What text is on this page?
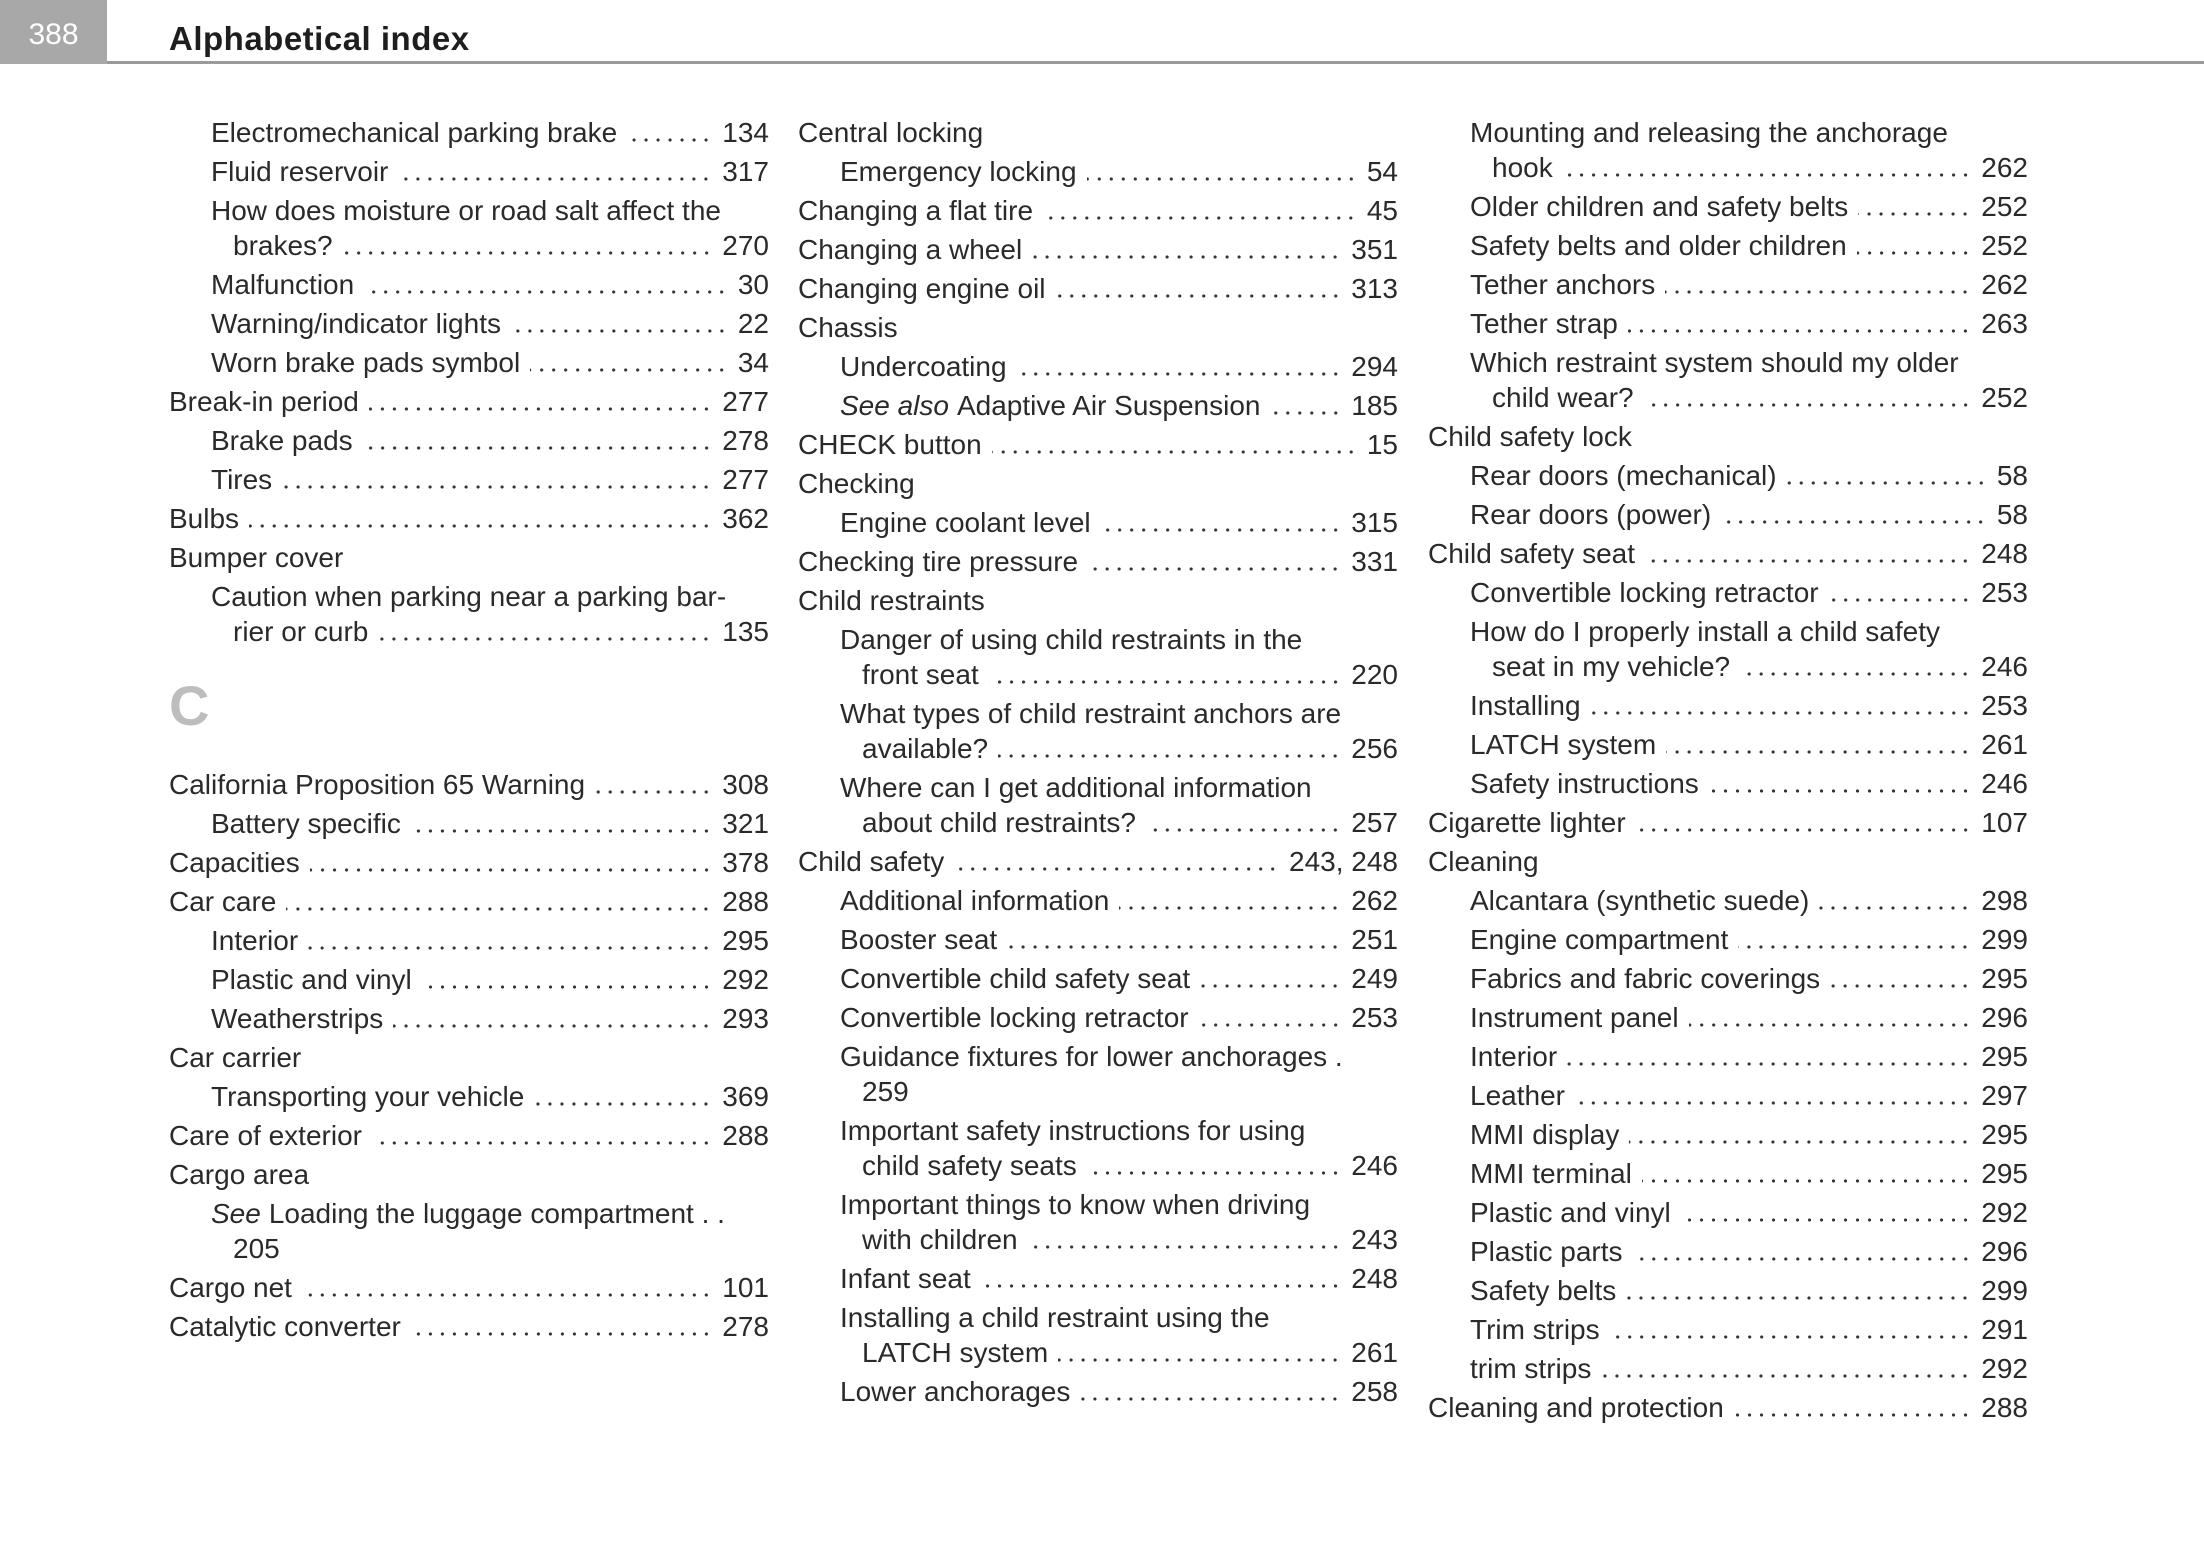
388	Alphabetical index
Electromechanical parking brake	134
Fluid reservoir	317
How does moisture or road salt affect the
brakes?	270
Malfunction	30
Warning/indicator lights	22
Worn brake pads symbol	34
Break-in period	277
Brake pads	278
Tires	277
Bulbs	362
Bumper cover
Caution when parking near a parking bar-
rier or curb	135
C
California Proposition 65 Warning	308
Battery specific	321
Capacities	378
Car care	288
Interior	295
Plastic and vinyl	292
Weatherstrips	293
Car carrier
Transporting your vehicle	369
Care of exterior	288
Cargo area
See Loading the luggage compartment . .
205
Cargo net	101
Catalytic converter	278
Central locking
Emergency locking	54
Changing a flat tire	45
Changing a wheel	351
Changing engine oil	313
Chassis
Undercoating	294
See also Adaptive Air Suspension	185
CHECK button	15
Checking
Engine coolant level	315
Checking tire pressure	331
Child restraints
Danger of using child restraints in the
front seat	220
What types of child restraint anchors are
available?	256
Where can I get additional information
about child restraints?	257
Child safety	243, 248
Additional information	262
Booster seat	251
Convertible child safety seat	249
Convertible locking retractor	253
Guidance fixtures for lower anchorages .
259
Important safety instructions for using
child safety seats	246
Important things to know when driving
with children	243
Infant seat	248
Installing a child restraint using the
LATCH system	261
Lower anchorages	258
Mounting and releasing the anchorage
hook	262
Older children and safety belts	252
Safety belts and older children	252
Tether anchors	262
Tether strap	263
Which restraint system should my older
child wear?	252
Child safety lock
Rear doors (mechanical)	58
Rear doors (power)	58
Child safety seat	248
Convertible locking retractor	253
How do I properly install a child safety
seat in my vehicle?	246
Installing	253
LATCH system	261
Safety instructions	246
Cigarette lighter	107
Cleaning
Alcantara (synthetic suede)	298
Engine compartment	299
Fabrics and fabric coverings	295
Instrument panel	296
Interior	295
Leather	297
MMI display	295
MMI terminal	295
Plastic and vinyl	292
Plastic parts	296
Safety belts	299
Trim strips	291
trim strips	292
Cleaning and protection	288
